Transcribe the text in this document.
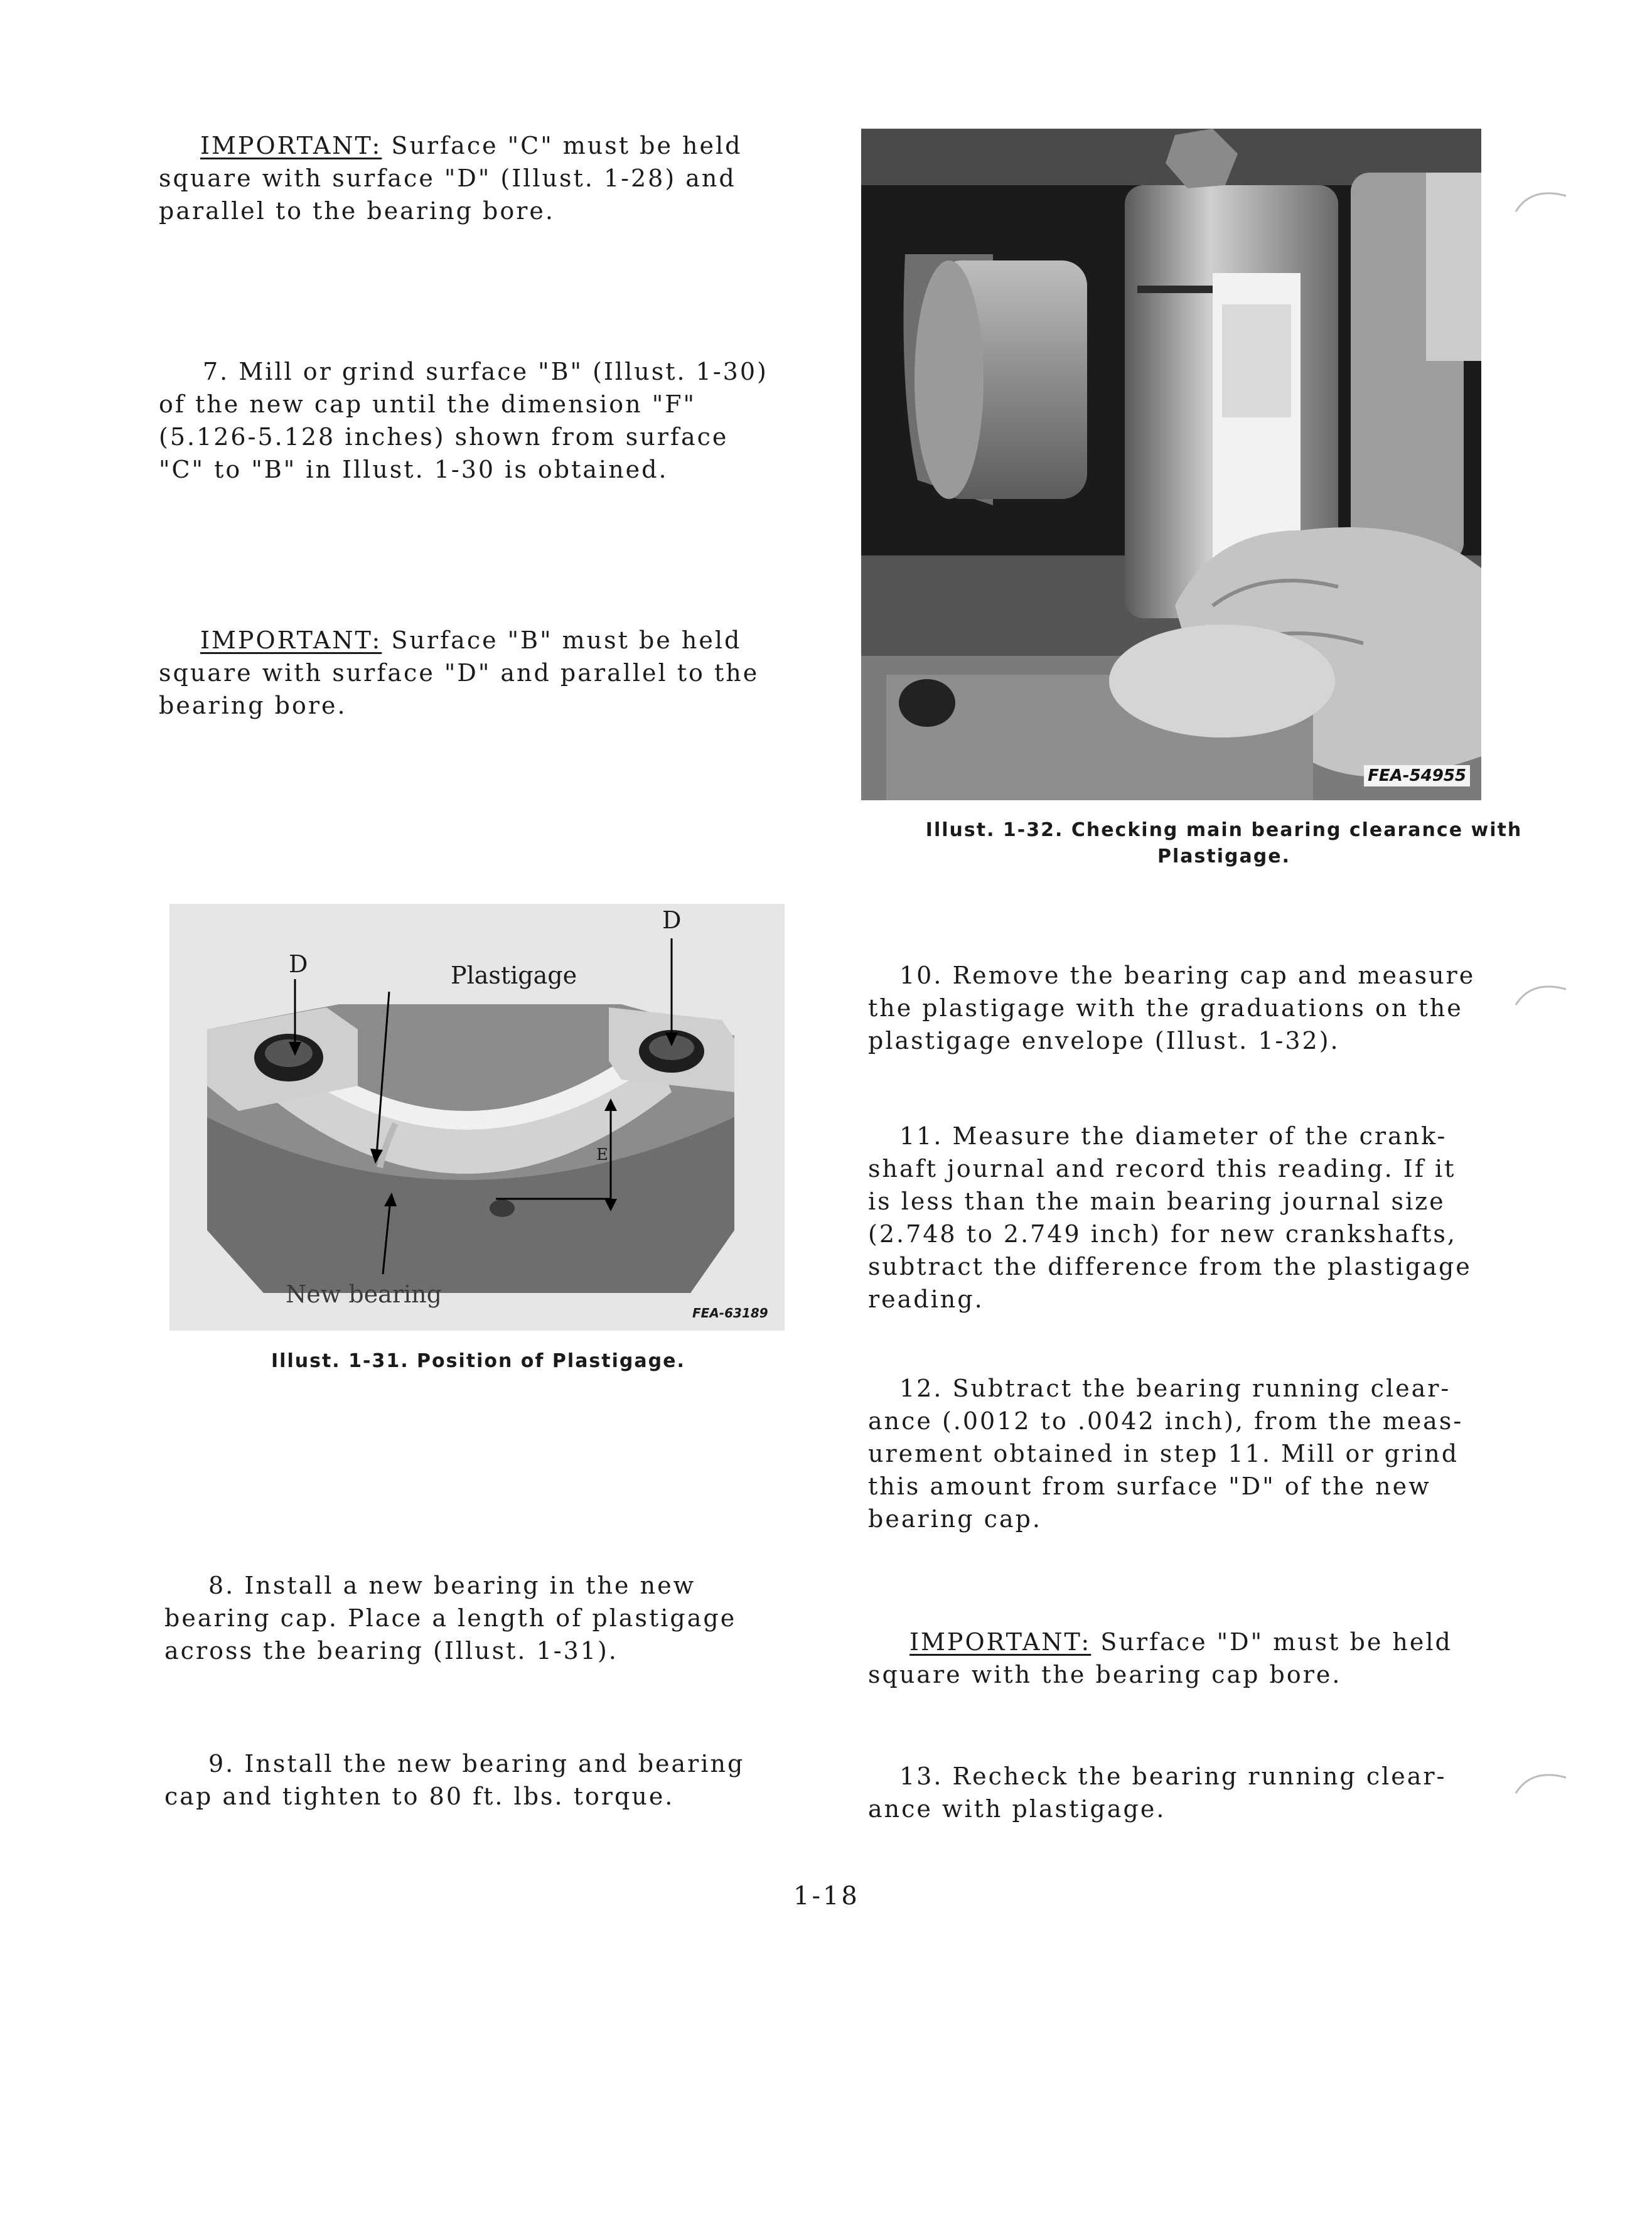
IMPORTANT: Surface "C" must be held
square with surface "D" (Illust. 1-28) and
parallel to the bearing bore.

7. Mill or grind surface "B" (Illust. 1-30)
of the new cap until the dimension "F"
(5.126-5.128 inches) shown from surface
"C" to "B" in Illust. 1-30 is obtained.

IMPORTANT: Surface "B" must be held
square with surface "D" and parallel to the
bearing bore.

8. Install a new bearing in the new
bearing cap. Place a length of plastigage
across the bearing (Illust. 1-31).

9. Install the new bearing and bearing
cap and tighten to 80 ft. lbs. torque.

D
D
Plastigage
E
New bearing
FEA-63189

Illust. 1-31. Position of Plastigage.

FEA-54955

Illust. 1-32. Checking main bearing clearance with
Plastigage.

10. Remove the bearing cap and measure
the plastigage with the graduations on the
plastigage envelope (Illust. 1-32).

11. Measure the diameter of the crank-
shaft journal and record this reading. If it
is less than the main bearing journal size
(2.748 to 2.749 inch) for new crankshafts,
subtract the difference from the plastigage
reading.

12. Subtract the bearing running clear-
ance (.0012 to .0042 inch), from the meas-
urement obtained in step 11. Mill or grind
this amount from surface "D" of the new
bearing cap.

IMPORTANT: Surface "D" must be held
square with the bearing cap bore.

13. Recheck the bearing running clear-
ance with plastigage.

1-18
